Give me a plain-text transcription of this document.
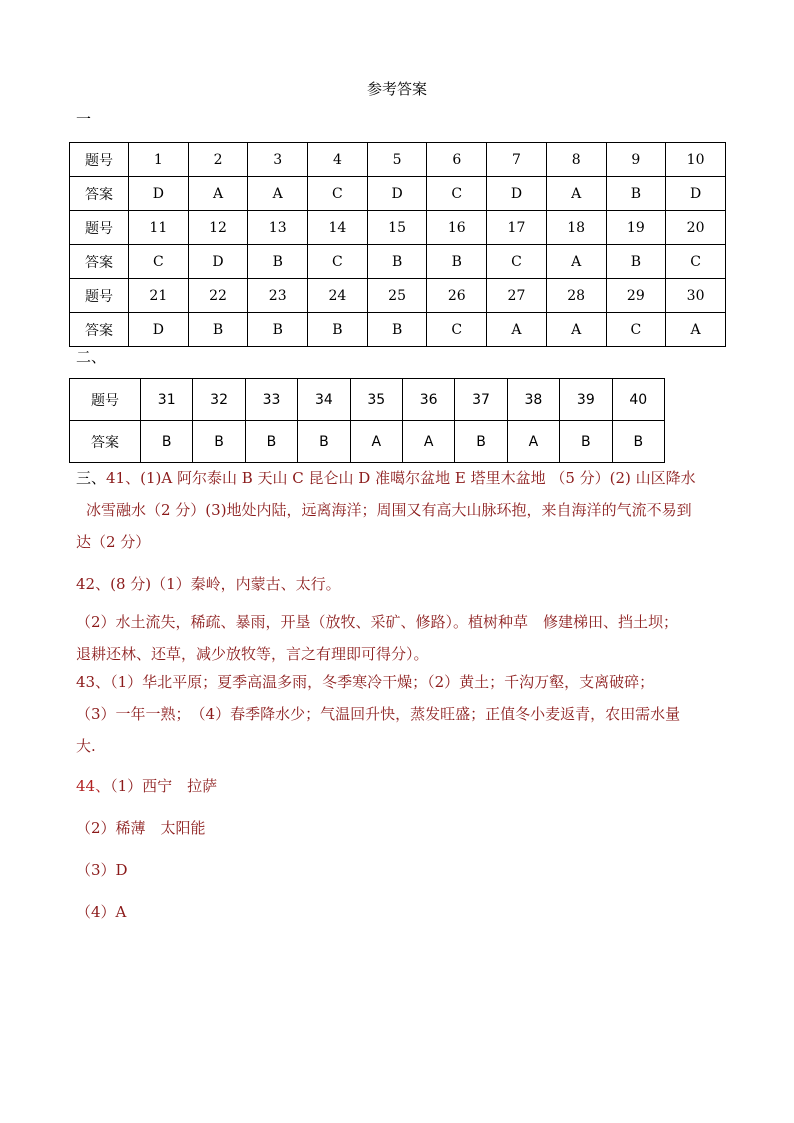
参考答案
一
题号	1	2	3	4	5	6	7	8	9	10
答案	D	A	A	C	D	C	D	A	B	D
题号	11	12	13	14	15	16	17	18	19	20
答案	C	D	B	C	B	B	C	A	B	C
题号	21	22	23	24	25	26	27	28	29	30
答案	D	B	B	B	B	C	A	A	C	A
二、
题号	31	32	33	34	35	36	37	38	39	40
答案	B	B	B	B	A	A	B	A	B	B
三、41、(1)A 阿尔泰山 B 天山 C 昆仑山 D 准噶尔盆地 E 塔里木盆地 （5 分）(2) 山区降水
冰雪融水（2 分）(3)地处内陆，远离海洋；周围又有高大山脉环抱，来自海洋的气流不易到
达（2 分）
42、(8 分)（1）秦岭，内蒙古、太行。
（2）水土流失，稀疏、暴雨，开垦（放牧、采矿、修路）。植树种草　修建梯田、挡土坝；
退耕还林、还草，减少放牧等，言之有理即可得分）。
43、（1）华北平原；夏季高温多雨，冬季寒冷干燥；（2）黄土；千沟万壑，支离破碎；
（3）一年一熟；　（4）春季降水少；气温回升快，蒸发旺盛；正值冬小麦返青，农田需水量
大.
44、（1）西宁　拉萨
（2）稀薄　太阳能
（3）D
（4）A
